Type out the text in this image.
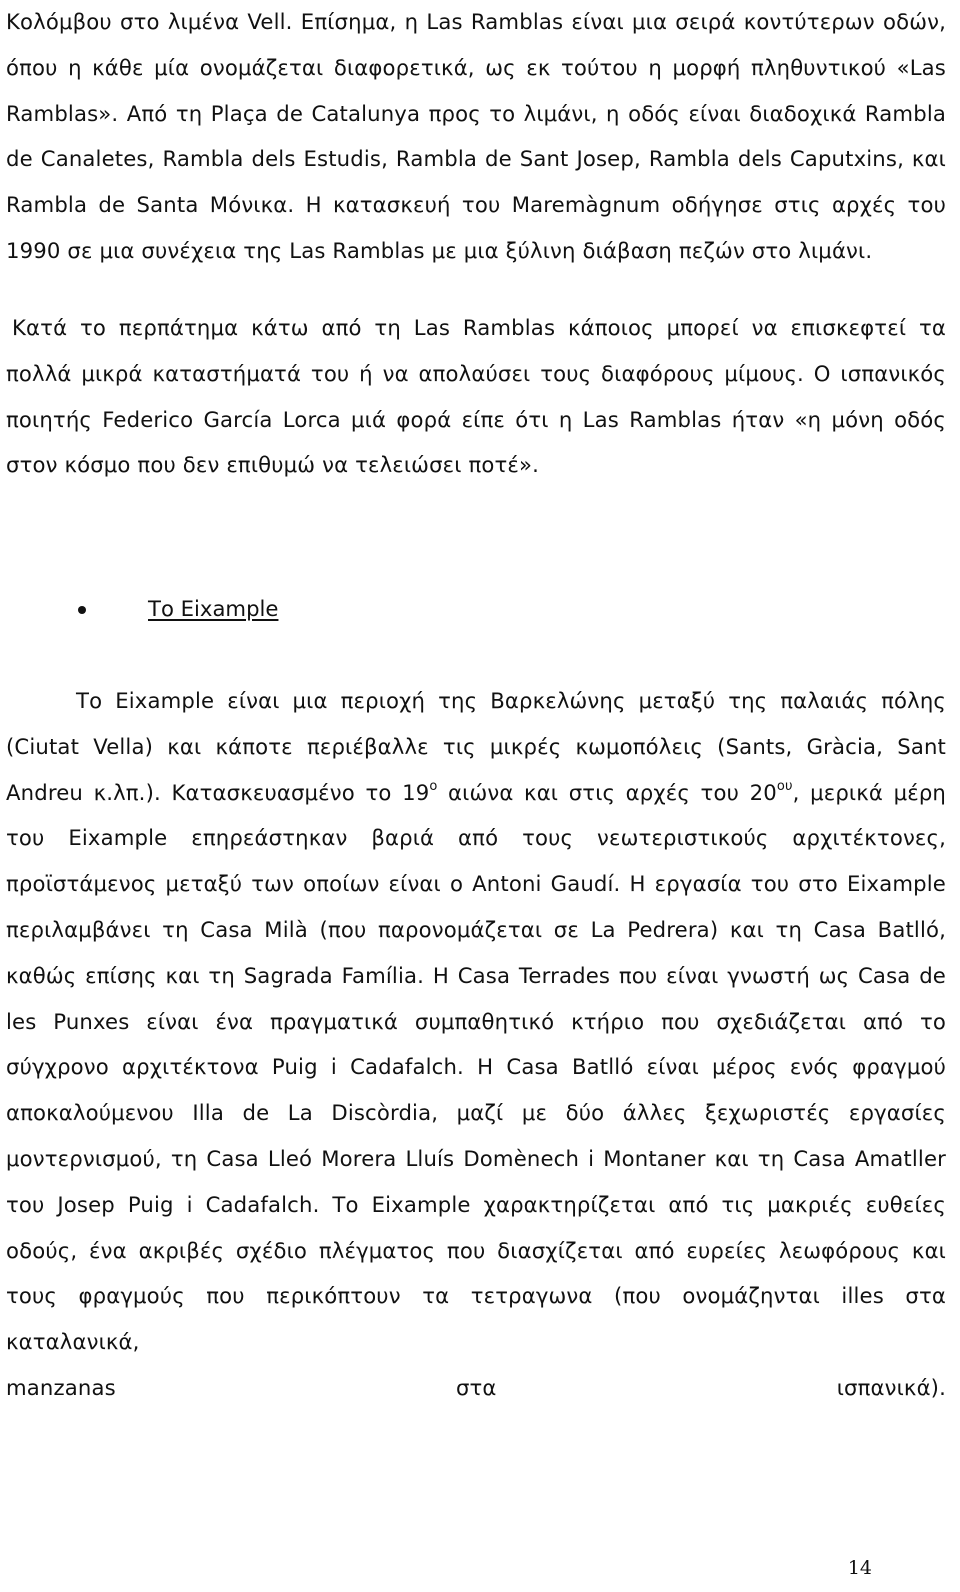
Κολόμβου στο λιμένα Vell. Επίσημα, η Las Ramblas είναι μια σειρά κοντύτερων οδών, όπου η κάθε μία ονομάζεται διαφορετικά, ως εκ τούτου η μορφή πληθυντικού «Las Ramblas». Από τη Plaça de Catalunya προς το λιμάνι, η οδός είναι διαδοχικά Rambla de Canaletes, Rambla dels Estudis, Rambla de Sant Josep, Rambla dels Caputxins, και Rambla de Santa Μόνικα. Η κατασκευή του Maremàgnum οδήγησε στις αρχές του 1990 σε μια συνέχεια της Las Ramblas με μια ξύλινη διάβαση πεζών στο λιμάνι.

Κατά το περπάτημα κάτω από τη Las Ramblas κάποιος μπορεί να επισκεφτεί τα πολλά μικρά καταστήματά του ή να απολαύσει τους διαφόρους μίμους. Ο ισπανικός ποιητής Federico García Lorca μιά φορά είπε ότι η Las Ramblas ήταν «η μόνη οδός στον κόσμο που δεν επιθυμώ να τελειώσει ποτέ».

Το Eixample

Το Eixample είναι μια περιοχή της Βαρκελώνης μεταξύ της παλαιάς πόλης (Ciutat Vella) και κάποτε περιέβαλλε τις μικρές κωμοπόλεις (Sants, Gràcia, Sant Andreu κ.λπ.). Κατασκευασμένο το $19^o$ αιώνα και στις αρχές του $20^{o\upsilon}$, μερικά μέρη του Eixample επηρεάστηκαν βαριά από τους νεωτεριστικούς αρχιτέκτονες, προϊστάμενος μεταξύ των οποίων είναι ο Antoni Gaudí. Η εργασία του στο Eixample περιλαμβάνει τη Casa Milà (που παρονομάζεται σε La Pedrera) και τη Casa Batlló, καθώς επίσης και τη Sagrada Família. Η Casa Terrades που είναι γνωστή ως Casa de les Punxes είναι ένα πραγματικά συμπαθητικό κτήριο που σχεδιάζεται από το σύγχρονο αρχιτέκτονα Puig i Cadafalch. Η Casa Batlló είναι μέρος ενός φραγμού αποκαλούμενου Illa de La Discòrdia, μαζί με δύο άλλες ξεχωριστές εργασίες μοντερνισμού, τη Casa Lleó Morera Lluís Domènech i Montaner και τη Casa Amatller του Josep Puig i Cadafalch. Το Eixample χαρακτηρίζεται από τις μακριές ευθείες οδούς, ένα ακριβές σχέδιο πλέγματος που διασχίζεται από ευρείες λεωφόρους και τους φραγμούς που περικόπτουν τα τετραγωνα (που ονομάζηνται illes στα καταλανικά,
manzanas	στα	ισπανικά).

14
